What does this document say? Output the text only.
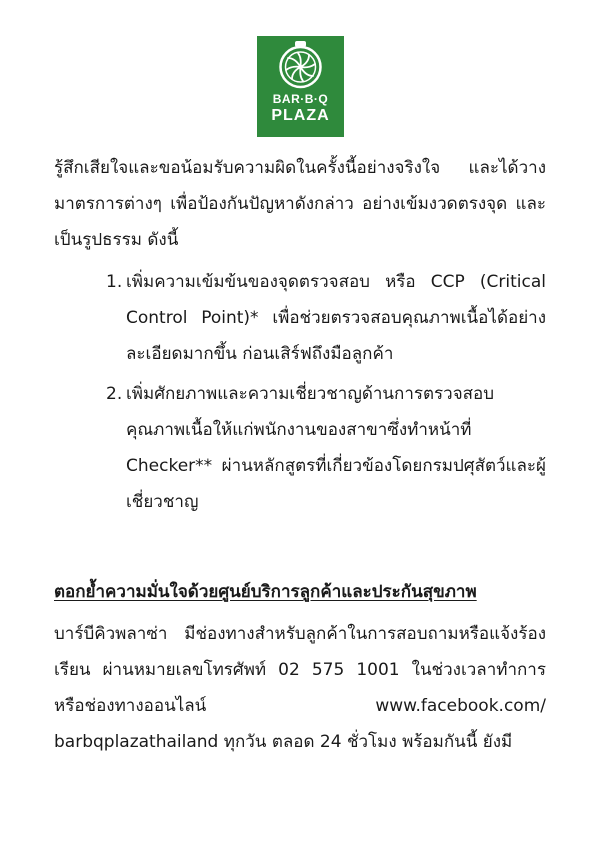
BAR·B·Q
PLAZA

รู้สึกเสียใจและขอน้อมรับความผิดในครั้งนี้อย่างจริงใจ และได้วางมาตรการต่างๆ เพื่อป้องกันปัญหาดังกล่าว อย่างเข้มงวดตรงจุด และเป็นรูปธรรม ดังนี้

1. เพิ่มความเข้มข้นของจุดตรวจสอบ หรือ CCP (Critical Control Point)* เพื่อช่วยตรวจสอบคุณภาพเนื้อได้อย่างละเอียดมากขึ้น ก่อนเสิร์ฟถึงมือลูกค้า
2. เพิ่มศักยภาพและความเชี่ยวชาญด้านการตรวจสอบคุณภาพเนื้อให้แก่พนักงานของสาขาซึ่งทำหน้าที่ Checker** ผ่านหลักสูตรที่เกี่ยวข้องโดยกรมปศุสัตว์และผู้เชี่ยวชาญ

ตอกย้ำความมั่นใจด้วยศูนย์บริการลูกค้าและประกันสุขภาพ

บาร์บีคิวพลาซ่า มีช่องทางสำหรับลูกค้าในการสอบถามหรือแจ้งร้องเรียน ผ่านหมายเลขโทรศัพท์ 02 575 1001 ในช่วงเวลาทำการ หรือช่องทางออนไลน์ www.facebook.com/ barbqplazathailand ทุกวัน ตลอด 24 ชั่วโมง พร้อมกันนี้ ยังมี
